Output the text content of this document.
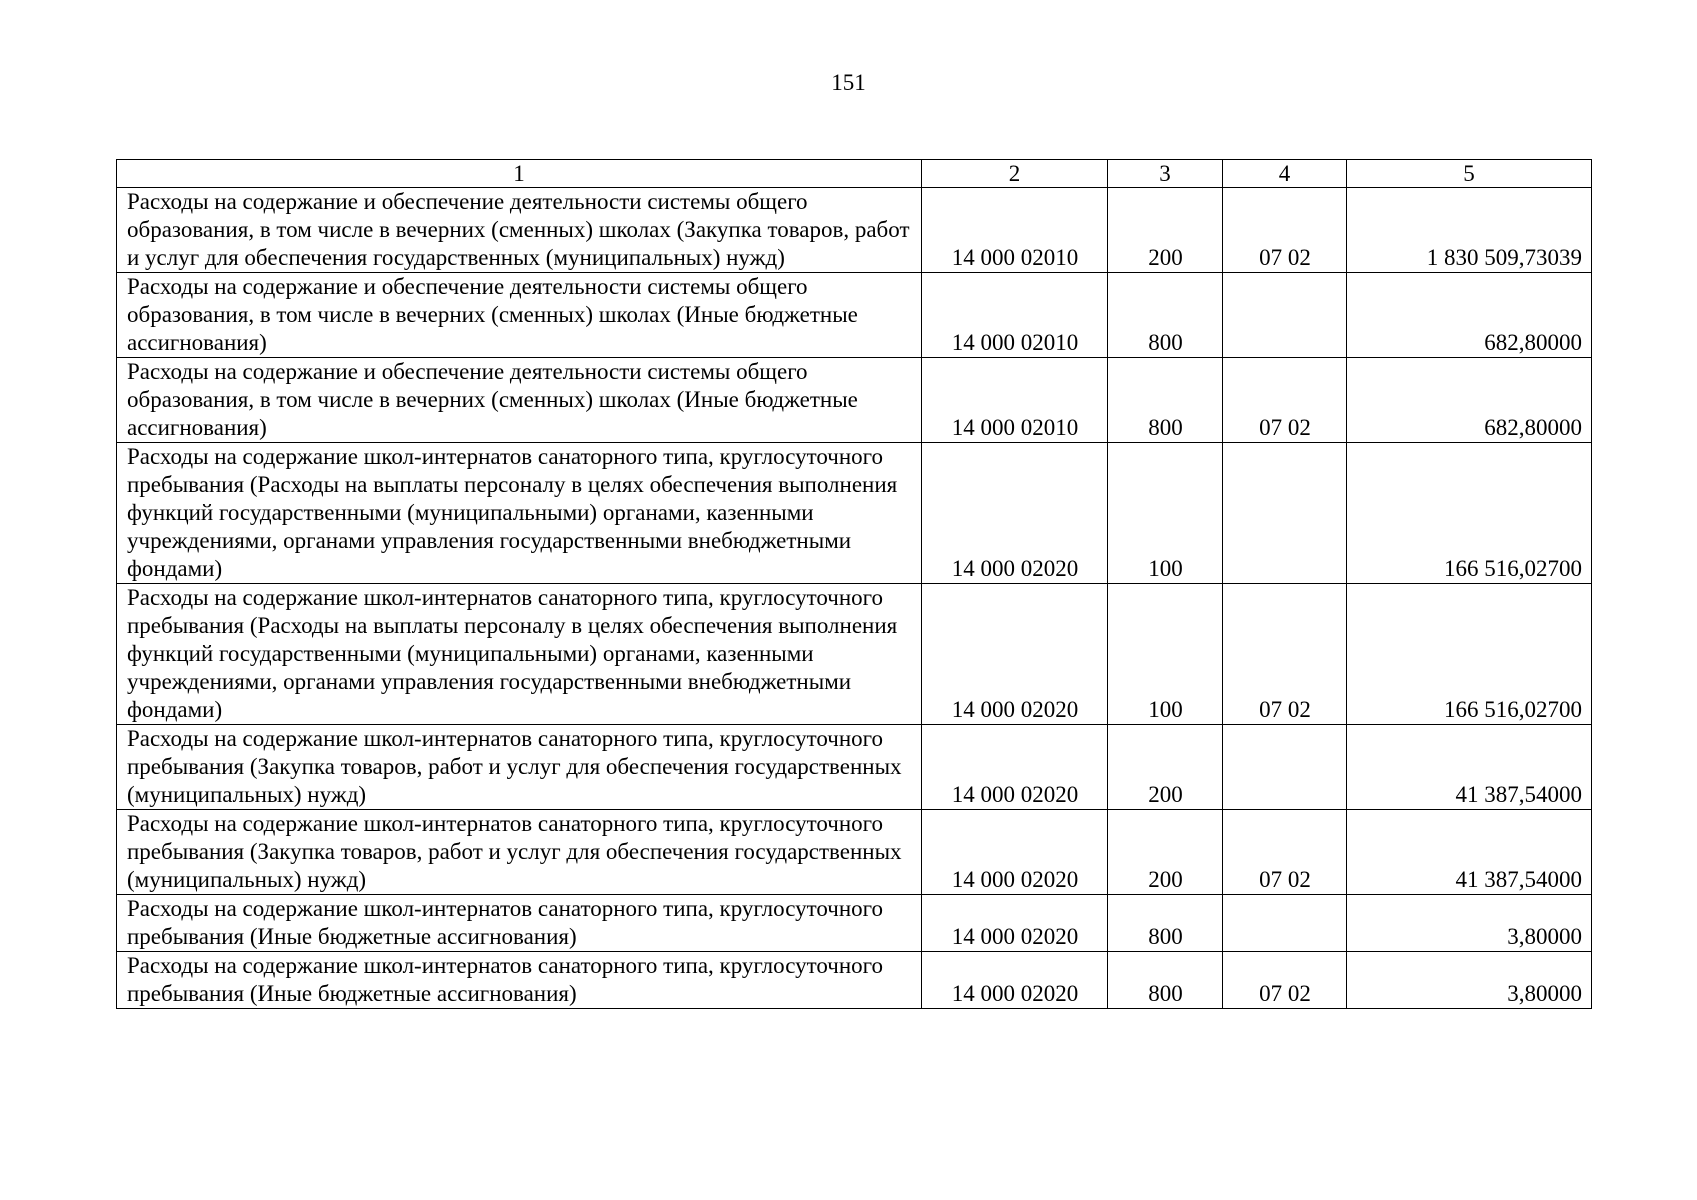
151
1	2	3	4	5
Расходы на содержание и обеспечение деятельности системы общего образования, в том числе в вечерних (сменных) школах (Закупка товаров, работ и услуг для обеспечения государственных (муниципальных) нужд)	14 000 02010	200	07 02	1 830 509,73039
Расходы на содержание и обеспечение деятельности системы общего образования, в том числе в вечерних (сменных) школах (Иные бюджетные ассигнования)	14 000 02010	800		682,80000
Расходы на содержание и обеспечение деятельности системы общего образования, в том числе в вечерних (сменных) школах (Иные бюджетные ассигнования)	14 000 02010	800	07 02	682,80000
Расходы на содержание школ-интернатов санаторного типа, круглосуточного пребывания (Расходы на выплаты персоналу в целях обеспечения выполнения функций государственными (муниципальными) органами, казенными учреждениями, органами управления государственными внебюджетными фондами)	14 000 02020	100		166 516,02700
Расходы на содержание школ-интернатов санаторного типа, круглосуточного пребывания (Расходы на выплаты персоналу в целях обеспечения выполнения функций государственными (муниципальными) органами, казенными учреждениями, органами управления государственными внебюджетными фондами)	14 000 02020	100	07 02	166 516,02700
Расходы на содержание школ-интернатов санаторного типа, круглосуточного пребывания (Закупка товаров, работ и услуг для обеспечения государственных (муниципальных) нужд)	14 000 02020	200		41 387,54000
Расходы на содержание школ-интернатов санаторного типа, круглосуточного пребывания (Закупка товаров, работ и услуг для обеспечения государственных (муниципальных) нужд)	14 000 02020	200	07 02	41 387,54000
Расходы на содержание школ-интернатов санаторного типа, круглосуточного пребывания (Иные бюджетные ассигнования)	14 000 02020	800		3,80000
Расходы на содержание школ-интернатов санаторного типа, круглосуточного пребывания (Иные бюджетные ассигнования)	14 000 02020	800	07 02	3,80000
